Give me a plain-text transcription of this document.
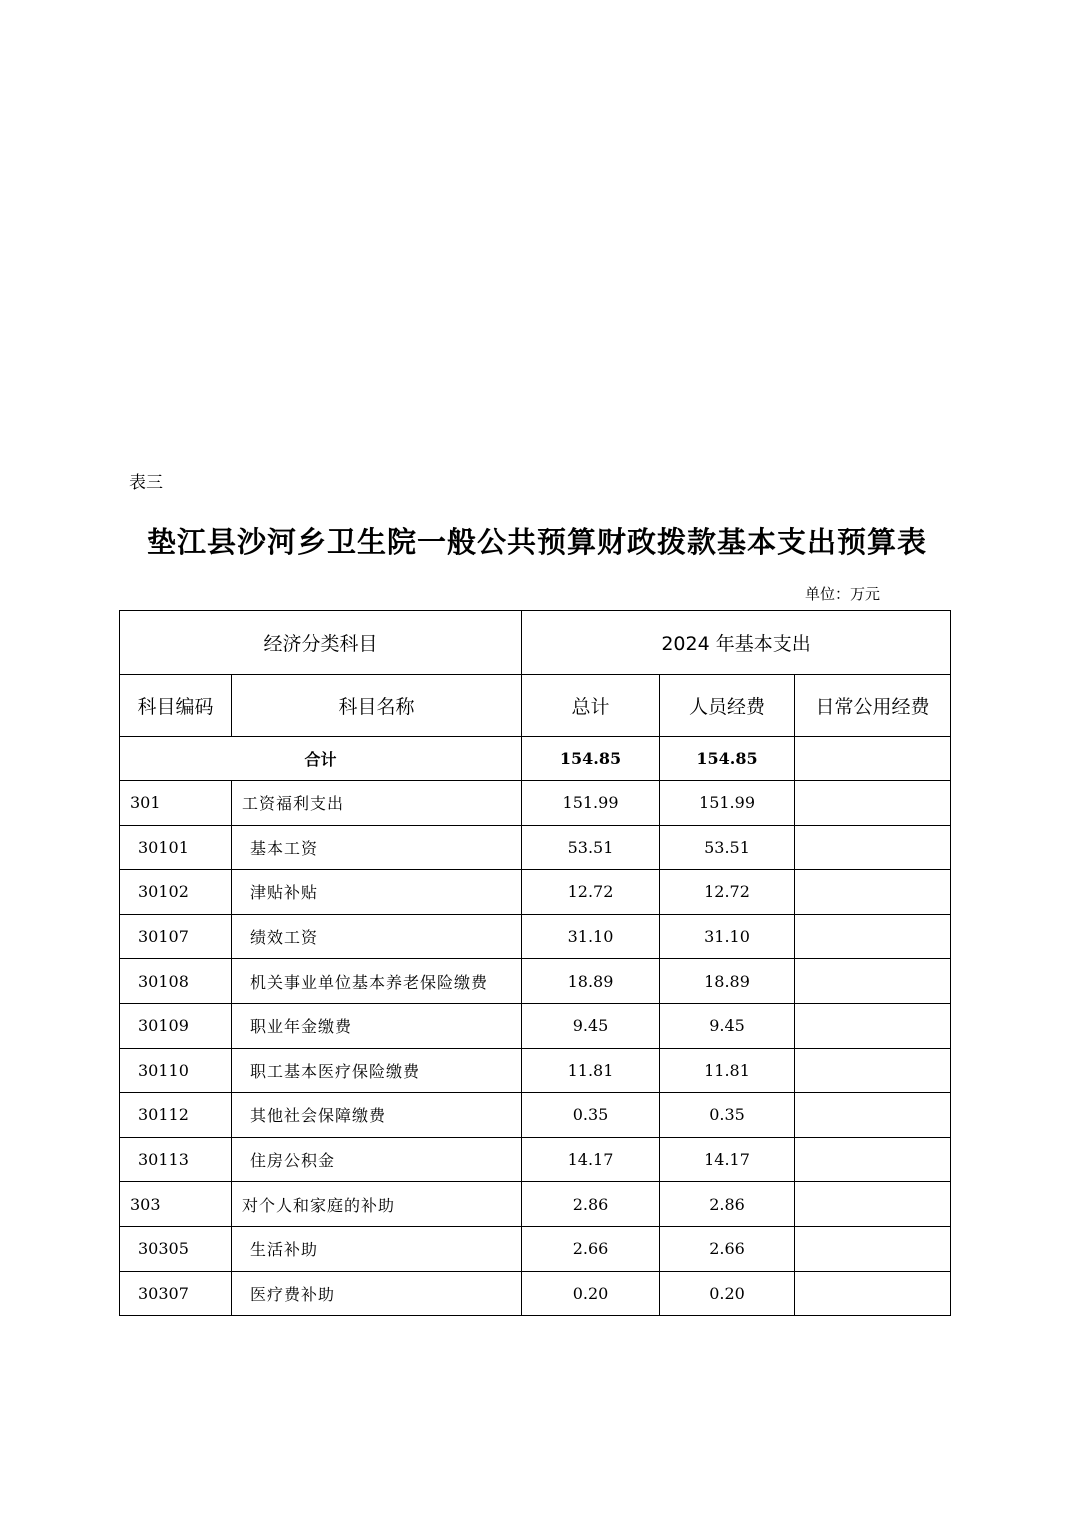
表三
垫江县沙河乡卫生院一般公共预算财政拨款基本支出预算表
单位：万元
经济分类科目		2024 年基本支出		
科目编码	科目名称	总计	人员经费	日常公用经费
合计		154.85	154.85	
301	工资福利支出	151.99	151.99	
30101	基本工资	53.51	53.51	
30102	津贴补贴	12.72	12.72	
30107	绩效工资	31.10	31.10	
30108	机关事业单位基本养老保险缴费	18.89	18.89	
30109	职业年金缴费	9.45	9.45	
30110	职工基本医疗保险缴费	11.81	11.81	
30112	其他社会保障缴费	0.35	0.35	
30113	住房公积金	14.17	14.17	
303	对个人和家庭的补助	2.86	2.86	
30305	生活补助	2.66	2.66	
30307	医疗费补助	0.20	0.20	
